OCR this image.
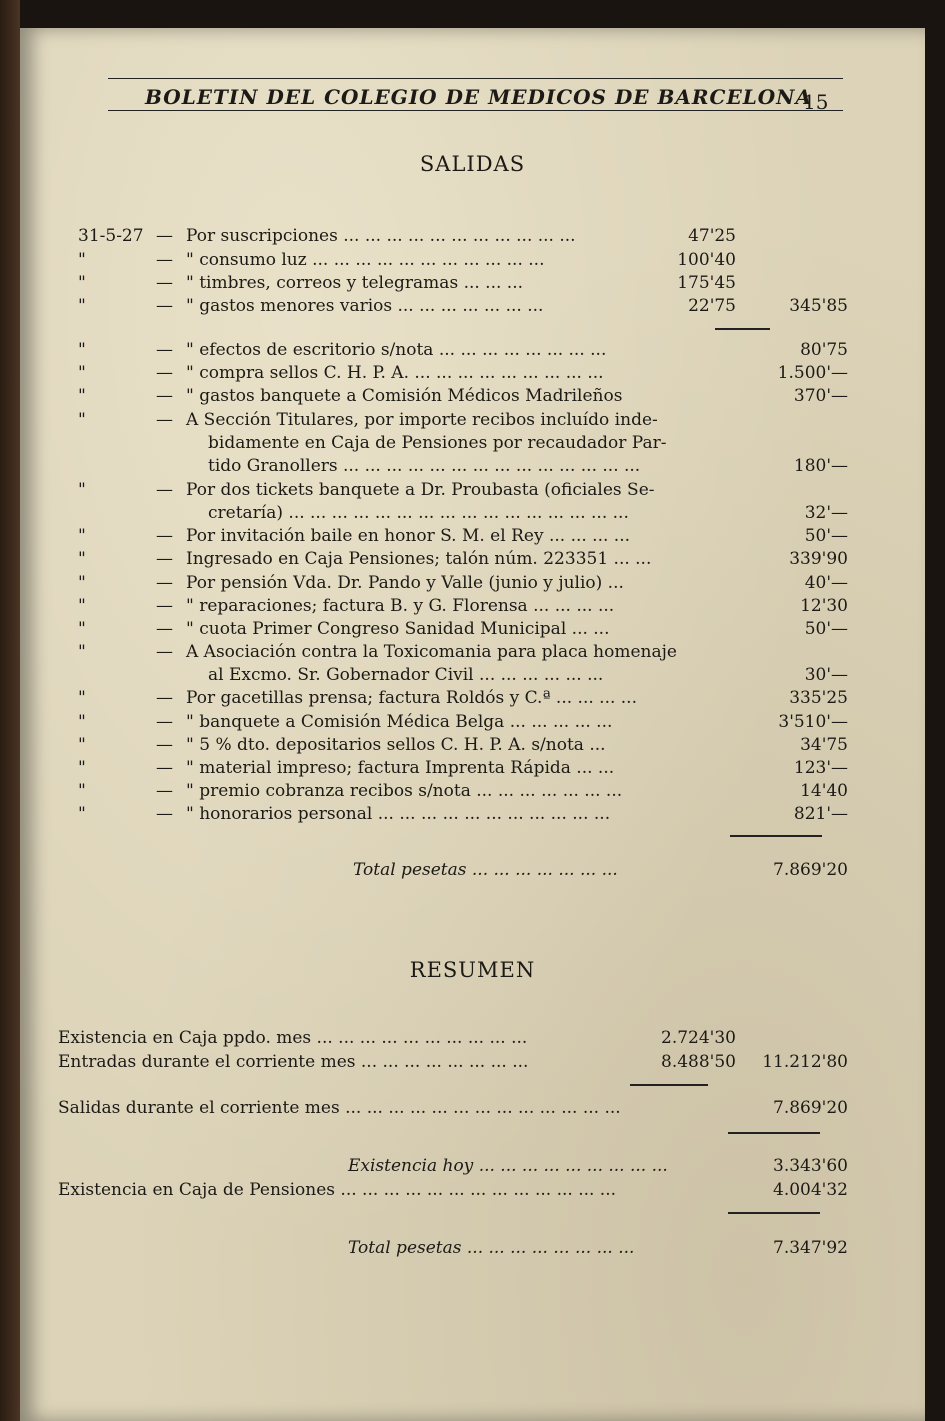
BOLETIN DEL COLEGIO DE MEDICOS DE BARCELONA
15
SALIDAS
31-5-27 — Por suscripciones ... ... ... ... ... ... ... ... ... ... ...	47'25
"	— " consumo luz ... ... ... ... ... ... ... ... ... ... ...	100'40
"	— " timbres, correos y telegramas ... ... ...	175'45
"	— " gastos menores varios ... ... ... ... ... ... ...	22'75	345'85
"	— " efectos de escritorio s/nota ... ... ... ... ... ... ... ...	80'75
"	— " compra sellos C. H. P. A. ... ... ... ... ... ... ... ... ...	1.500'—
"	— " gastos banquete a Comisión Médicos Madrileños	370'—
"	— A Sección Titulares, por importe recibos incluído inde-
bidamente en Caja de Pensiones por recaudador Par-
tido Granollers ... ... ... ... ... ... ... ... ... ... ... ... ... ...	180'—
"	— Por dos tickets banquete a Dr. Proubasta (oficiales Se-
cretaría) ... ... ... ... ... ... ... ... ... ... ... ... ... ... ... ...	32'—
"	— Por invitación baile en honor S. M. el Rey ... ... ... ...	50'—
"	— Ingresado en Caja Pensiones; talón núm. 223351 ... ...	339'90
"	— Por pensión Vda. Dr. Pando y Valle (junio y julio) ...	40'—
"	— " reparaciones; factura B. y G. Florensa ... ... ... ...	12'30
"	— " cuota Primer Congreso Sanidad Municipal ... ...	50'—
"	— A Asociación contra la Toxicomania para placa homenaje
al Excmo. Sr. Gobernador Civil ... ... ... ... ... ...	30'—
"	— Por gacetillas prensa; factura Roldós y C.ª ... ... ... ...	335'25
"	— " banquete a Comisión Médica Belga ... ... ... ... ...	3'510'—
"	— " 5 % dto. depositarios sellos C. H. P. A. s/nota ...	34'75
"	— " material impreso; factura Imprenta Rápida ... ...	123'—
"	— " premio cobranza recibos s/nota ... ... ... ... ... ... ...	14'40
"	— " honorarios personal ... ... ... ... ... ... ... ... ... ... ...	821'—
Total pesetas ... ... ... ... ... ... ...	7.869'20
RESUMEN
Existencia en Caja ppdo. mes ... ... ... ... ... ... ... ... ... ...	2.724'30
Entradas durante el corriente mes ... ... ... ... ... ... ... ...	8.488'50 11.212'80
Salidas durante el corriente mes ... ... ... ... ... ... ... ... ... ... ... ... ...	7.869'20
Existencia hoy ... ... ... ... ... ... ... ... ...	3.343'60
Existencia en Caja de Pensiones ... ... ... ... ... ... ... ... ... ... ... ... ...	4.004'32
Total pesetas ... ... ... ... ... ... ... ...	7.347'92
